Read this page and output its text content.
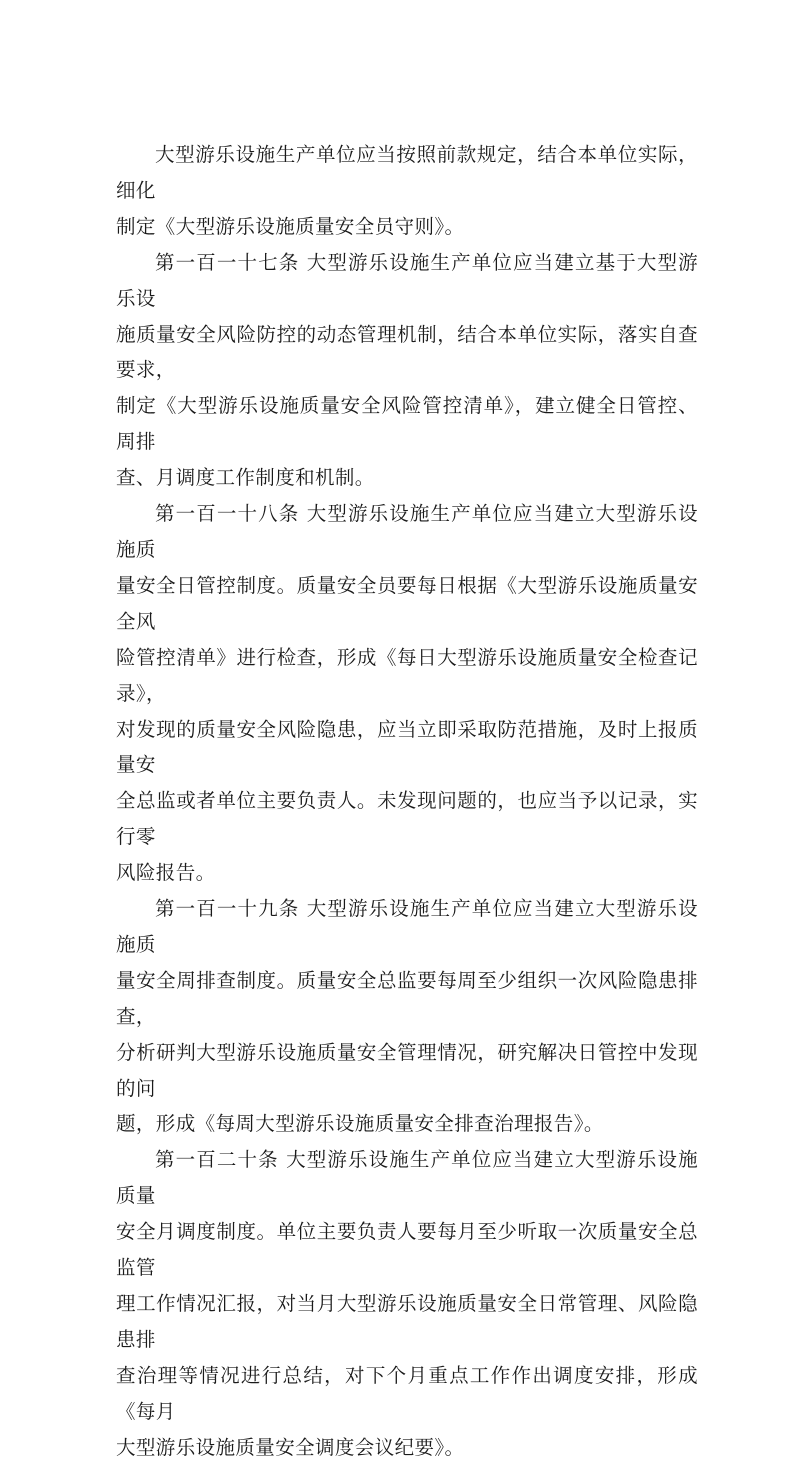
大型游乐设施生产单位应当按照前款规定，结合本单位实际，细化
制定《大型游乐设施质量安全员守则》。

第一百一十七条 大型游乐设施生产单位应当建立基于大型游乐设
施质量安全风险防控的动态管理机制，结合本单位实际，落实自查要求，
制定《大型游乐设施质量安全风险管控清单》，建立健全日管控、周排
查、月调度工作制度和机制。

第一百一十八条 大型游乐设施生产单位应当建立大型游乐设施质
量安全日管控制度。质量安全员要每日根据《大型游乐设施质量安全风
险管控清单》进行检查，形成《每日大型游乐设施质量安全检查记录》，
对发现的质量安全风险隐患，应当立即采取防范措施，及时上报质量安
全总监或者单位主要负责人。未发现问题的，也应当予以记录，实行零
风险报告。

第一百一十九条 大型游乐设施生产单位应当建立大型游乐设施质
量安全周排查制度。质量安全总监要每周至少组织一次风险隐患排查，
分析研判大型游乐设施质量安全管理情况，研究解决日管控中发现的问
题，形成《每周大型游乐设施质量安全排查治理报告》。

第一百二十条 大型游乐设施生产单位应当建立大型游乐设施质量
安全月调度制度。单位主要负责人要每月至少听取一次质量安全总监管
理工作情况汇报，对当月大型游乐设施质量安全日常管理、风险隐患排
查治理等情况进行总结，对下个月重点工作作出调度安排，形成《每月
大型游乐设施质量安全调度会议纪要》。
